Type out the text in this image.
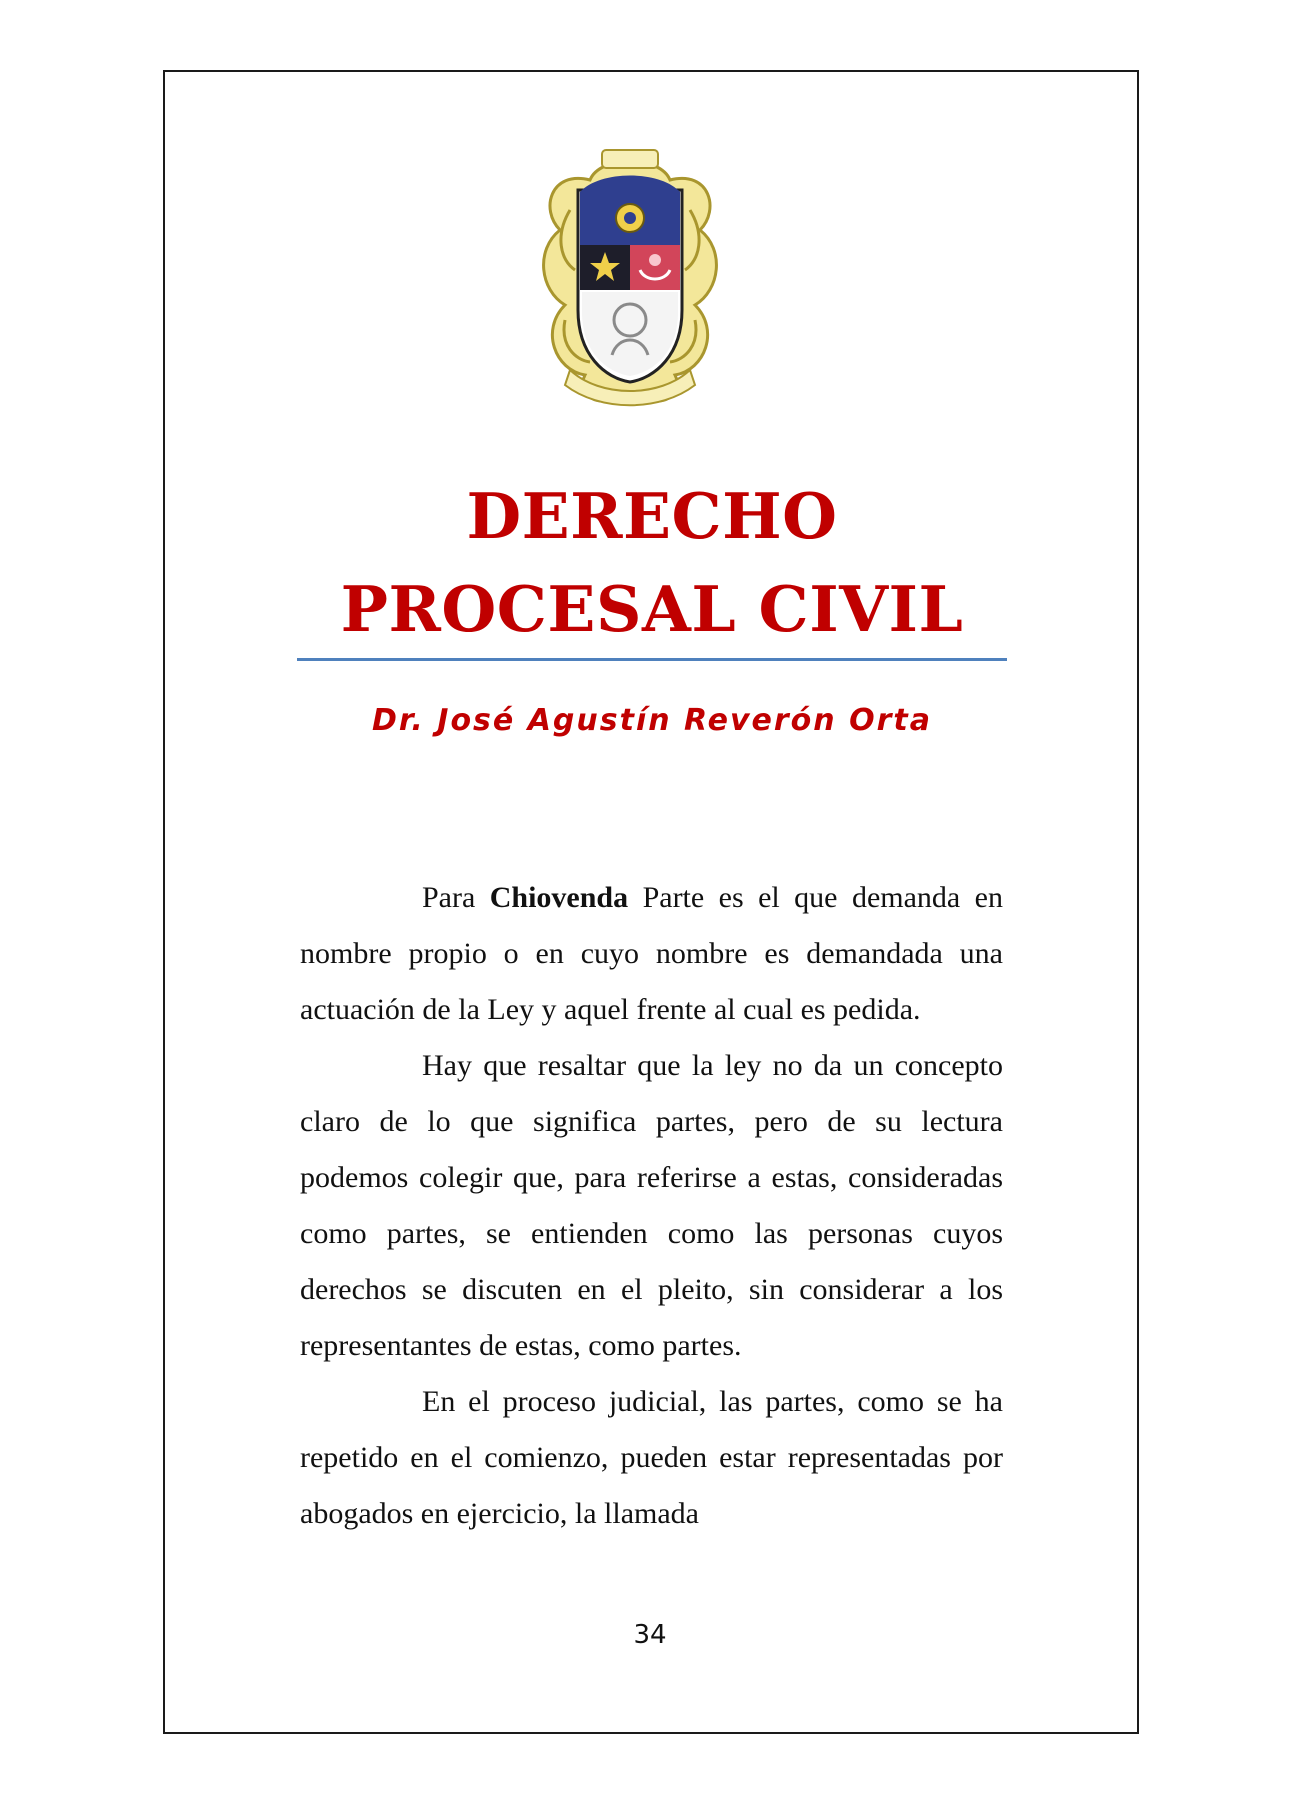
DERECHO
PROCESAL CIVIL

Dr. José Agustín Reverón Orta

Para Chiovenda Parte es el que demanda en nombre propio o en cuyo nombre es demandada una actuación de la Ley y aquel frente al cual es pedida.

Hay que resaltar que la ley no da un concepto claro de lo que significa partes, pero de su lectura podemos colegir que, para referirse a estas, consideradas como partes, se entienden como las personas cuyos derechos se discuten en el pleito, sin considerar a los representantes de estas, como partes.

En el proceso judicial, las partes, como se ha repetido en el comienzo, pueden estar representadas por abogados en ejercicio, la llamada

34
